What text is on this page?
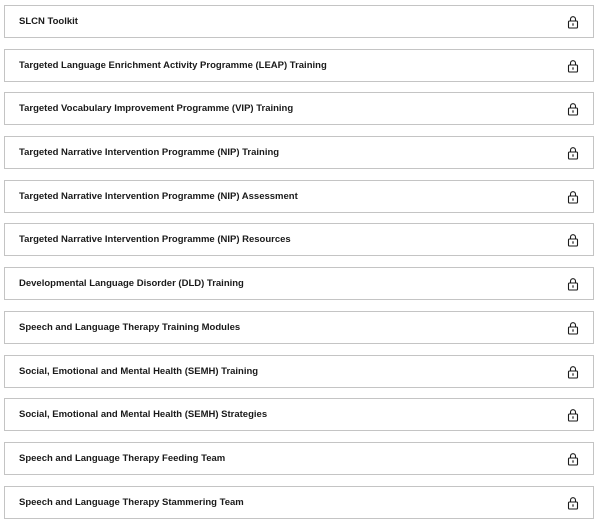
SLCN Toolkit
Targeted Language Enrichment Activity Programme (LEAP) Training
Targeted Vocabulary Improvement Programme (VIP) Training
Targeted Narrative Intervention Programme (NIP) Training
Targeted Narrative Intervention Programme (NIP) Assessment
Targeted Narrative Intervention Programme (NIP) Resources
Developmental Language Disorder (DLD) Training
Speech and Language Therapy Training Modules
Social, Emotional and Mental Health (SEMH) Training
Social, Emotional and Mental Health (SEMH) Strategies
Speech and Language Therapy Feeding Team
Speech and Language Therapy Stammering Team
